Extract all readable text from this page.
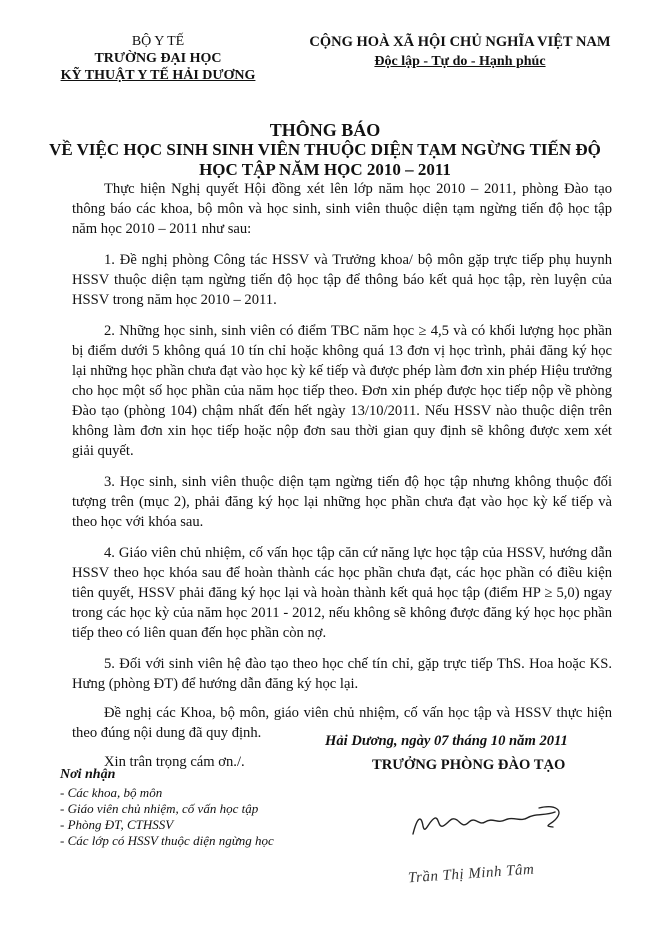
BỘ Y TẾ
TRƯỜNG ĐẠI HỌC
KỸ THUẬT Y TẾ HẢI DƯƠNG
CỘNG HOÀ XÃ HỘI CHỦ NGHĨA VIỆT NAM
Độc lập - Tự do - Hạnh phúc
THÔNG BÁO
VỀ VIỆC HỌC SINH SINH VIÊN THUỘC DIỆN TẠM NGỪNG TIẾN ĐỘ
HỌC TẬP NĂM HỌC 2010 – 2011

Thực hiện Nghị quyết Hội đồng xét lên lớp năm học 2010 – 2011, phòng Đào tạo thông báo các khoa, bộ môn và học sinh, sinh viên thuộc diện tạm ngừng tiến độ học tập năm học 2010 – 2011 như sau:

1. Đề nghị phòng Công tác HSSV và Trưởng khoa/ bộ môn gặp trực tiếp phụ huynh HSSV thuộc diện tạm ngừng tiến độ học tập để thông báo kết quả học tập, rèn luyện của HSSV trong năm học 2010 – 2011.

2. Những học sinh, sinh viên có điểm TBC năm học ≥ 4,5 và có khối lượng học phần bị điểm dưới 5 không quá 10 tín chỉ hoặc không quá 13 đơn vị học trình, phải đăng ký học lại những học phần chưa đạt vào học kỳ kế tiếp và được phép làm đơn xin phép Hiệu trưởng cho học một số học phần của năm học tiếp theo. Đơn xin phép được học tiếp nộp về phòng Đào tạo (phòng 104) chậm nhất đến hết ngày 13/10/2011. Nếu HSSV nào thuộc diện trên không làm đơn xin học tiếp hoặc nộp đơn sau thời gian quy định sẽ không được xem xét giải quyết.

3. Học sinh, sinh viên thuộc diện tạm ngừng tiến độ học tập nhưng không thuộc đối tượng trên (mục 2), phải đăng ký học lại những học phần chưa đạt vào học kỳ kế tiếp và theo học với khóa sau.

4. Giáo viên chủ nhiệm, cố vấn học tập căn cứ năng lực học tập của HSSV, hướng dẫn HSSV theo học khóa sau để hoàn thành các học phần chưa đạt, các học phần có điều kiện tiên quyết, HSSV phải đăng ký học lại và hoàn thành kết quả học tập (điểm HP ≥ 5,0) ngay trong các học kỳ của năm học 2011 - 2012, nếu không sẽ không được đăng ký học học phần tiếp theo có liên quan đến học phần còn nợ.

5. Đối với sinh viên hệ đào tạo theo học chế tín chỉ, gặp trực tiếp ThS. Hoa hoặc KS. Hưng (phòng ĐT) để hướng dẫn đăng ký học lại.

Đề nghị các Khoa, bộ môn, giáo viên chủ nhiệm, cố vấn học tập và HSSV thực hiện theo đúng nội dung đã quy định.

Xin trân trọng cám ơn./.

Hải Dương, ngày 07 tháng 10 năm 2011
TRƯỞNG PHÒNG ĐÀO TẠO
Nơi nhận
- Các khoa, bộ môn
- Giáo viên chủ nhiệm, cố vấn học tập
- Phòng ĐT, CTHSSV
- Các lớp có HSSV thuộc diện ngừng học
Trần Thị Minh Tâm
